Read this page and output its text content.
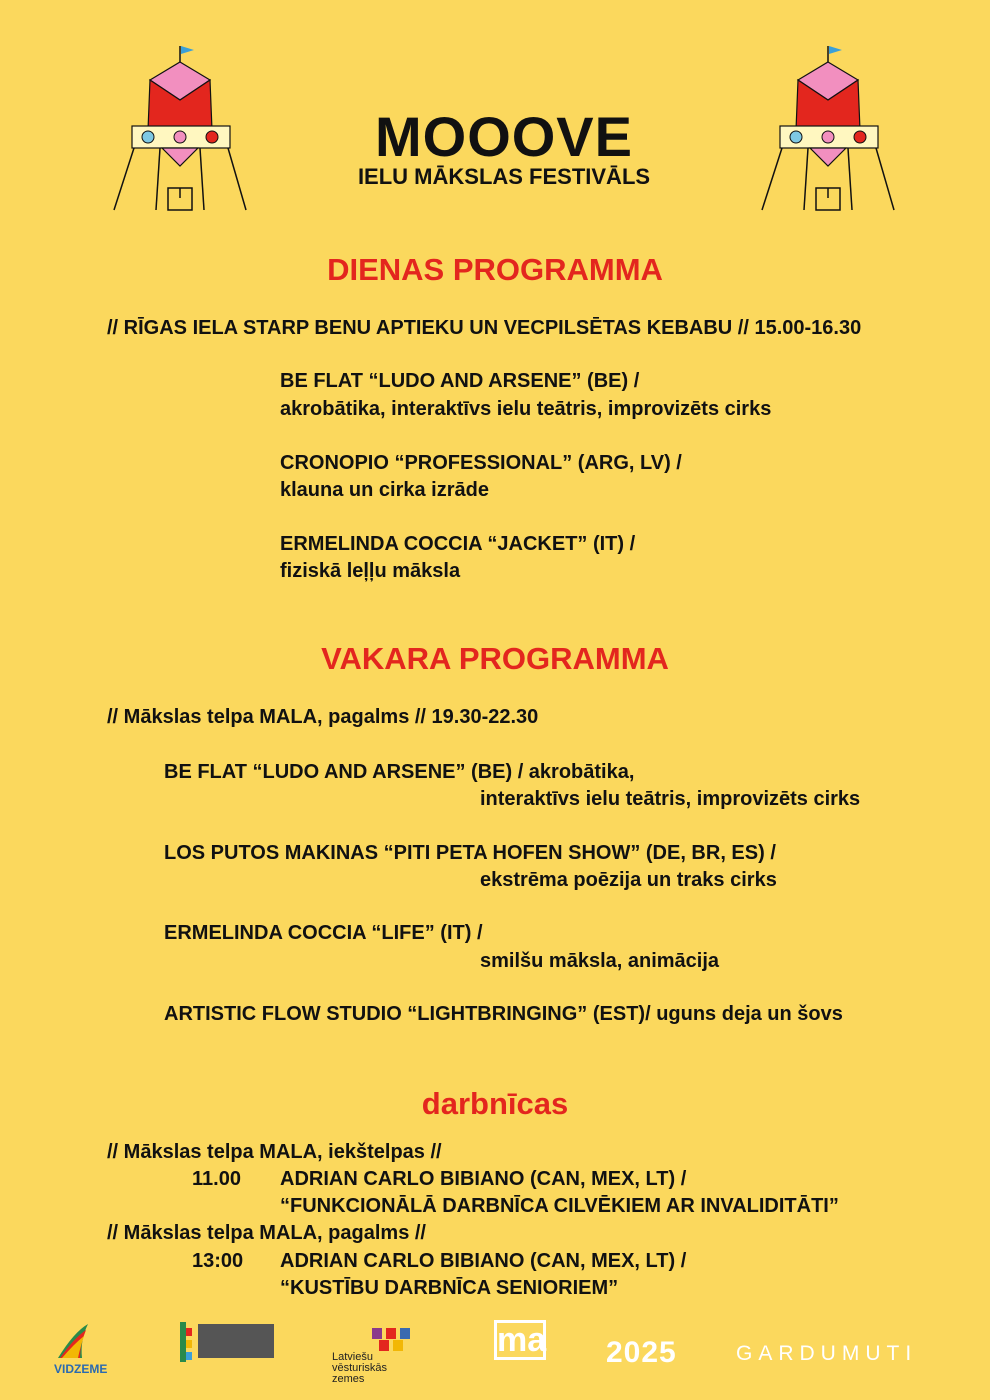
MOOOVE
IELU MĀKSLAS FESTIVĀLS
DIENAS PROGRAMMA
// RĪGAS IELA STARP BENU APTIEKU UN VECPILSĒTAS KEBABU // 15.00-16.30
BE FLAT “LUDO AND ARSENE” (BE) /
akrobātika, interaktīvs ielu teātris, improvizēts cirks
CRONOPIO “PROFESSIONAL” (ARG, LV) /
klauna un cirka izrāde
ERMELINDA COCCIA “JACKET” (IT) /
fiziskā leļļu māksla
VAKARA PROGRAMMA
// Mākslas telpa MALA, pagalms // 19.30-22.30
BE FLAT “LUDO AND ARSENE” (BE) / akrobātika,
interaktīvs ielu teātris, improvizēts cirks
LOS PUTOS MAKINAS “PITI PETA HOFEN SHOW” (DE, BR, ES) /
ekstrēma poēzija un traks cirks
ERMELINDA COCCIA “LIFE” (IT) /
smilšu māksla, animācija
ARTISTIC FLOW STUDIO “LIGHTBRINGING” (EST)/ uguns deja un šovs
darbnīcas
// Mākslas telpa MALA, iekštelpas //
11.00 ADRIAN CARLO BIBIANO (CAN, MEX, LT) /
“FUNKCIONĀLĀ DARBNĪCA CILVĒKIEM AR INVALIDITĀTI”
// Mākslas telpa MALA, pagalms //
13:00 ADRIAN CARLO BIBIANO (CAN, MEX, LT) /
“KUSTĪBU DARBNĪCA SENIORIEM”
VIDZEME
Latviešu
vēsturiskās
zemes
ma 2025	GARDUMUTI
